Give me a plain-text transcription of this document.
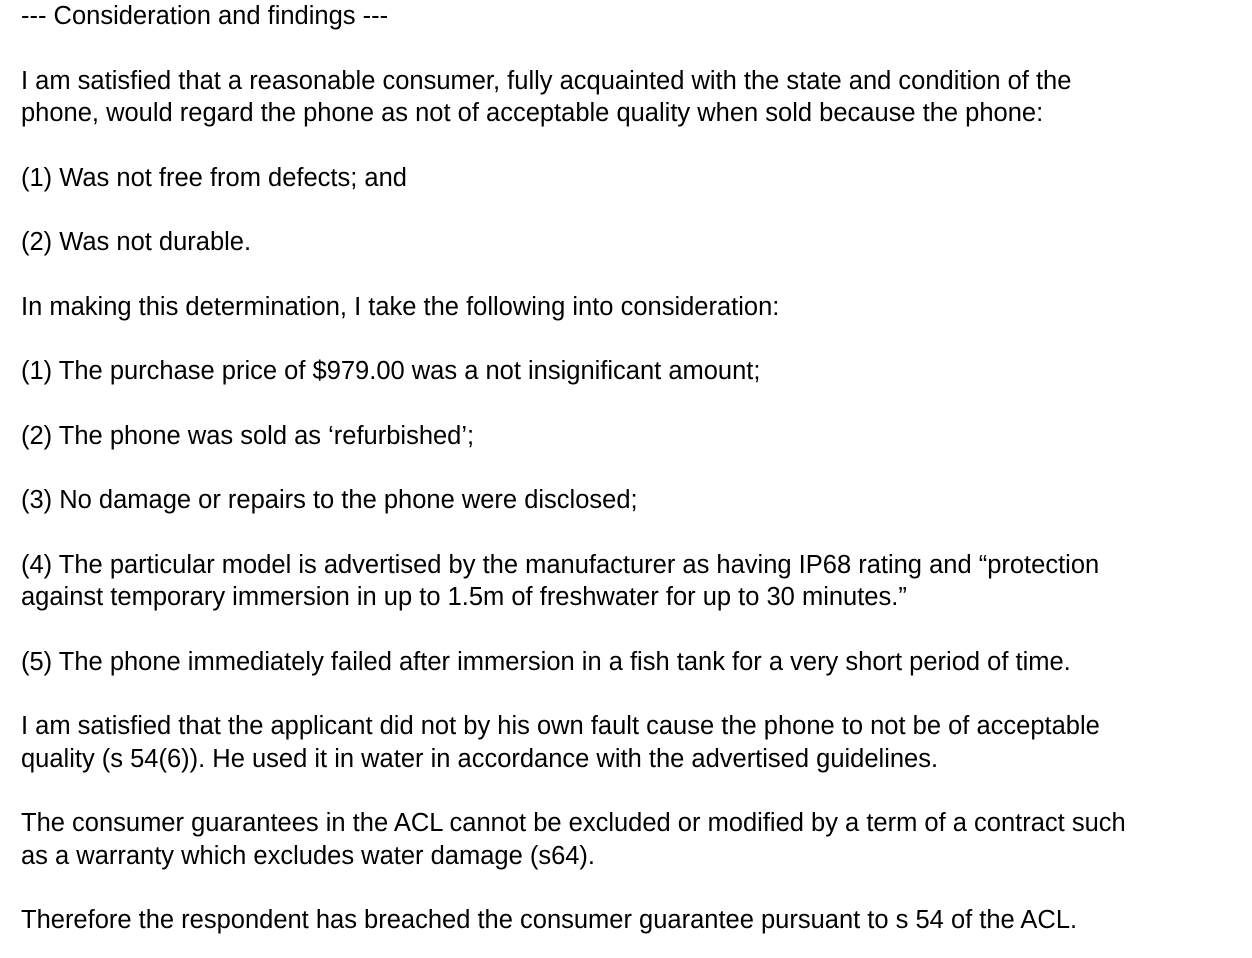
--- Consideration and findings ---
I am satisfied that a reasonable consumer, fully acquainted with the state and condition of the
phone, would regard the phone as not of acceptable quality when sold because the phone:
(1) Was not free from defects; and
(2) Was not durable.
In making this determination, I take the following into consideration:
(1) The purchase price of $979.00 was a not insignificant amount;
(2) The phone was sold as ‘refurbished’;
(3) No damage or repairs to the phone were disclosed;
(4) The particular model is advertised by the manufacturer as having IP68 rating and “protection
against temporary immersion in up to 1.5m of freshwater for up to 30 minutes.”
(5) The phone immediately failed after immersion in a fish tank for a very short period of time.
I am satisfied that the applicant did not by his own fault cause the phone to not be of acceptable
quality (s 54(6)). He used it in water in accordance with the advertised guidelines.
The consumer guarantees in the ACL cannot be excluded or modified by a term of a contract such
as a warranty which excludes water damage (s64).
Therefore the respondent has breached the consumer guarantee pursuant to s 54 of the ACL.
